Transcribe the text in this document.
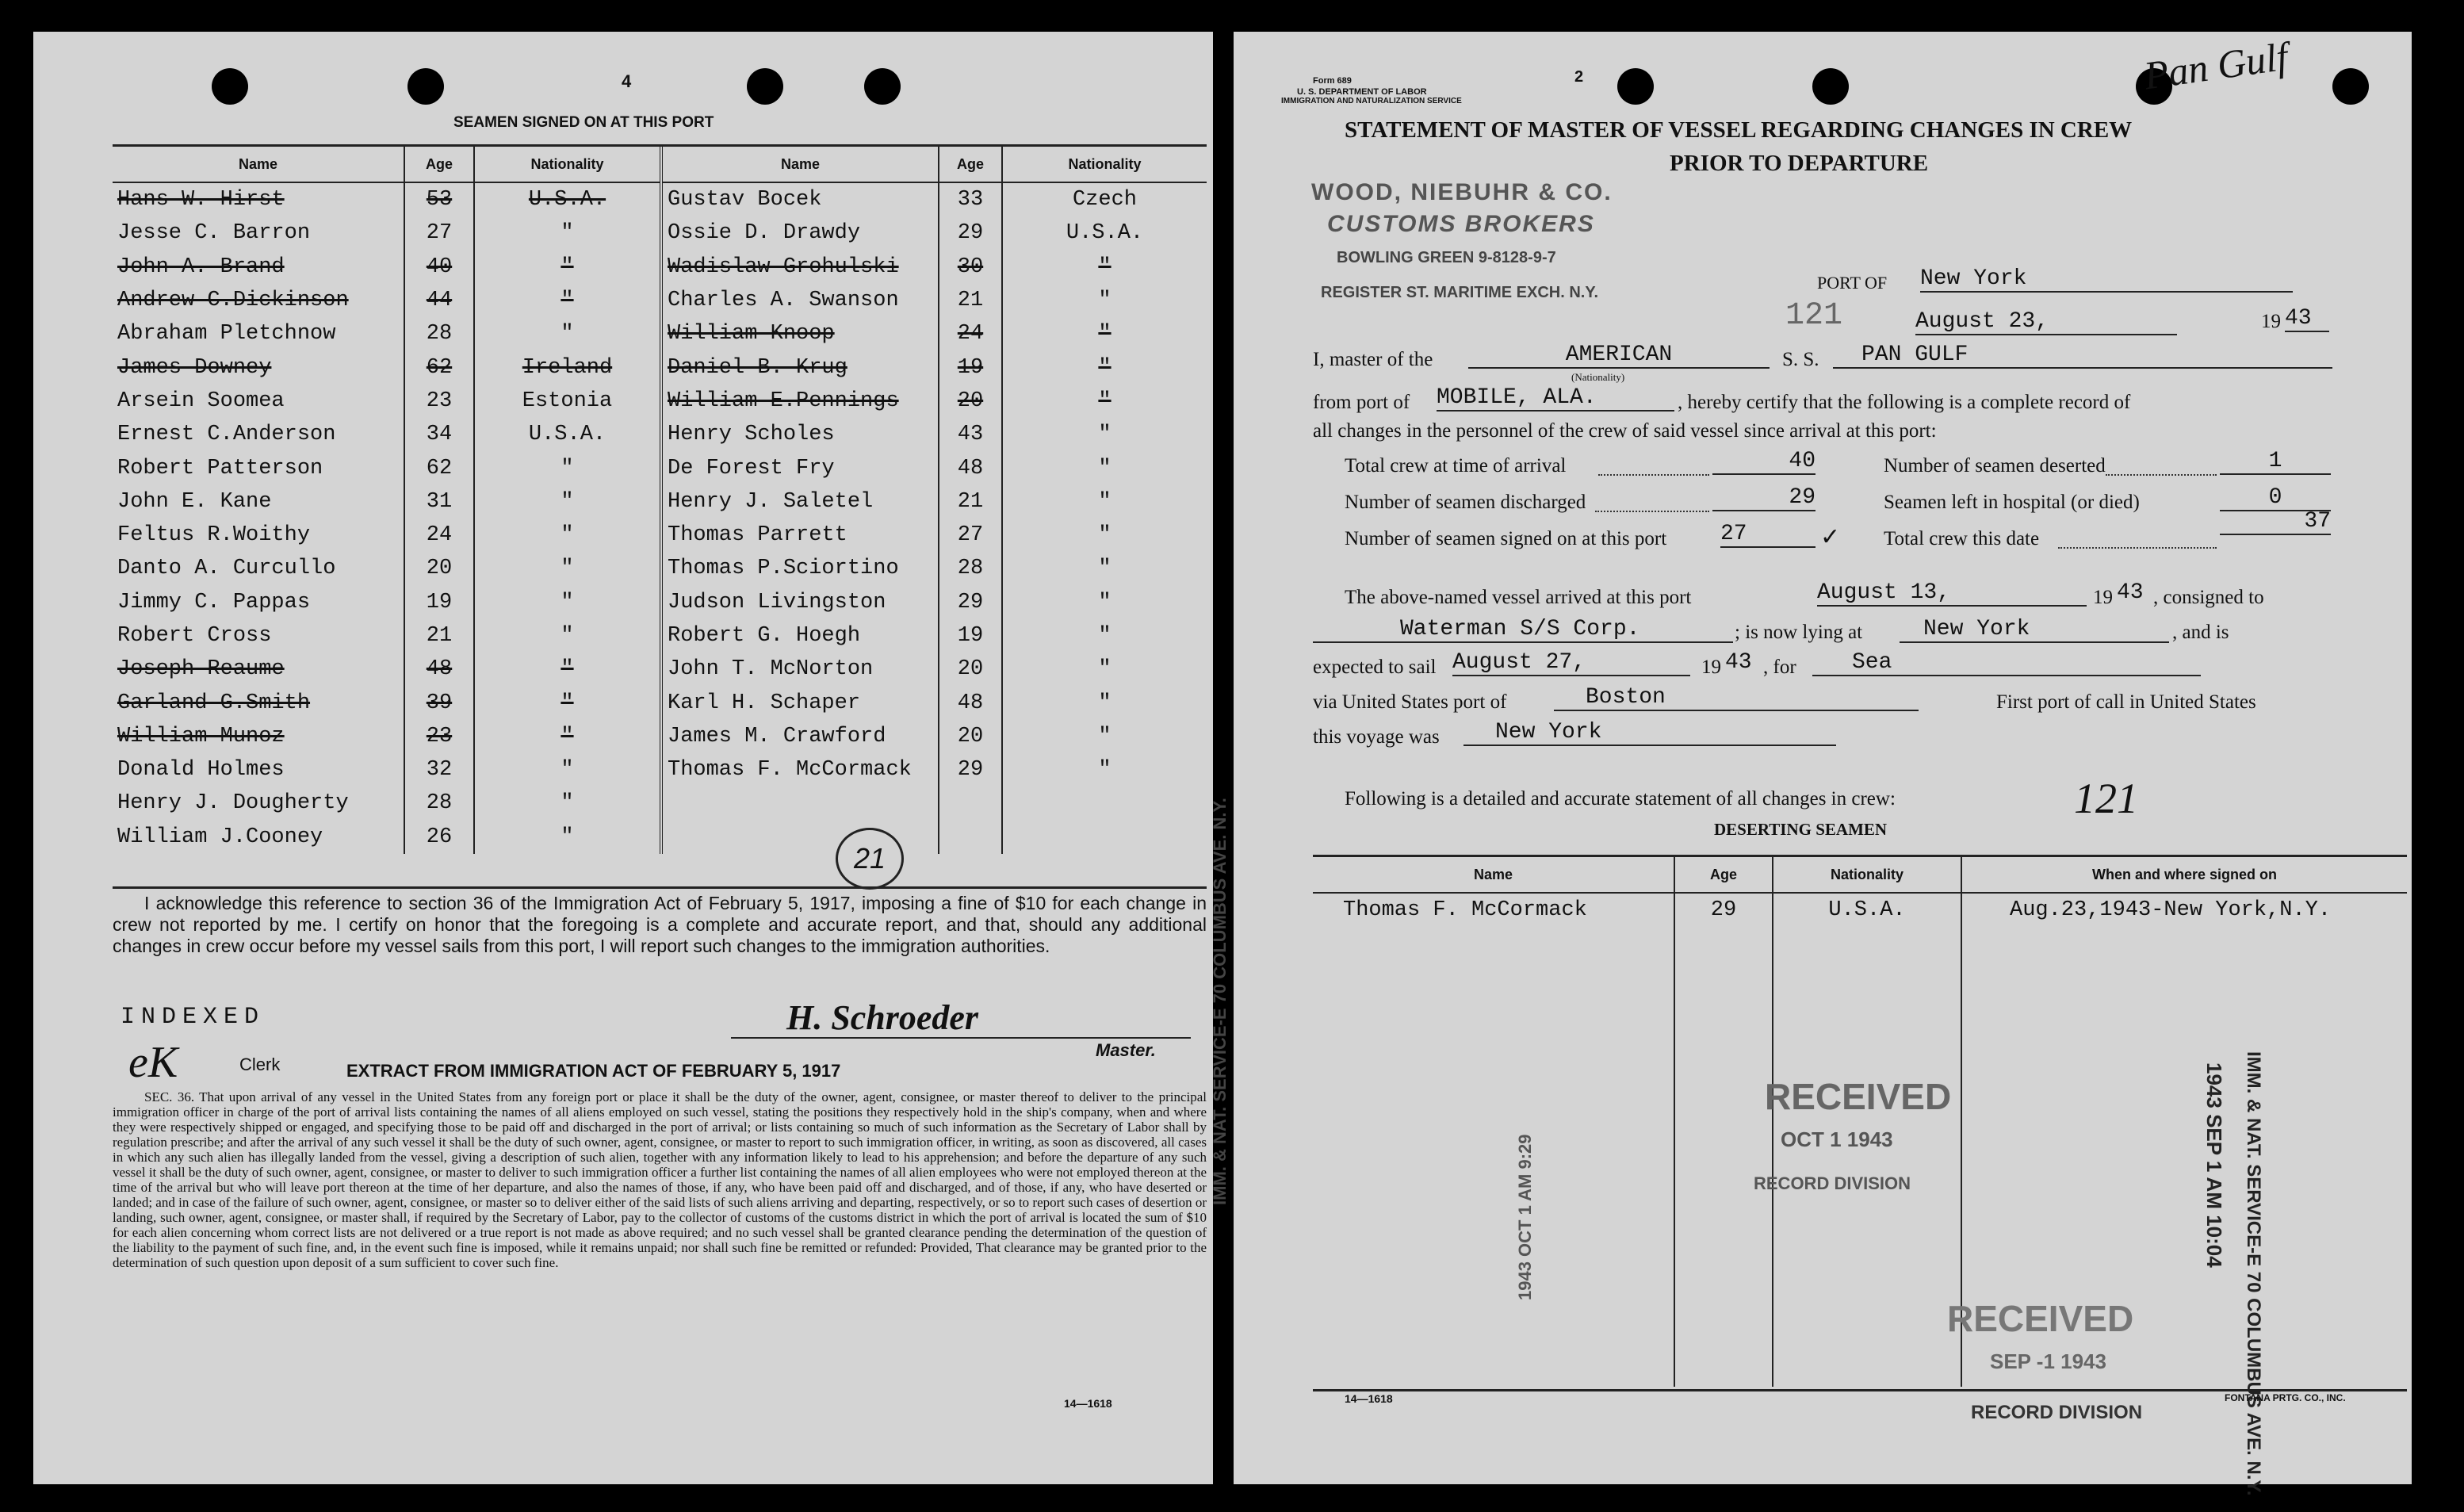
4
SEAMEN SIGNED ON AT THIS PORT
Name	Age	Nationality	Name	Age	Nationality
Hans W. Hirst	53	U.S.A.	Gustav Bocek	33	Czech
Jesse C. Barron	27	"	Ossie D. Drawdy	29	U.S.A.
John A. Brand	40	"	Wadislaw Grohulski	30	"
Andrew C.Dickinson	44	"	Charles A. Swanson	21	"
Abraham Pletchnow	28	"	William Knoop	24	"
James Downey	62	Ireland	Daniel B. Krug	19	"
Arsein Soomea	23	Estonia	William E.Pennings	20	"
Ernest C.Anderson	34	U.S.A.	Henry Scholes	43	"
Robert Patterson	62	"	De Forest Fry	48	"
John E. Kane	31	"	Henry J. Saletel	21	"
Feltus R.Woithy	24	"	Thomas Parrett	27	"
Danto A. Curcullo	20	"	Thomas P.Sciortino	28	"
Jimmy C. Pappas	19	"	Judson Livingston	29	"
Robert Cross	21	"	Robert G. Hoegh	19	"
Joseph Reaume	48	"	John T. McNorton	20	"
Garland G.Smith	39	"	Karl H. Schaper	48	"
William Munoz	23	"	James M. Crawford	20	"
Donald Holmes	32	"	Thomas F. McCormack	29	"
Henry J. Dougherty	28	"			
William J.Cooney	26	"			
21
I acknowledge this reference to section 36 of the Immigration Act of February 5, 1917, imposing a fine of $10 for each change in crew not reported by me. I certify on honor that the foregoing is a complete and accurate report, and that, should any additional changes in crew occur before my vessel sails from this port, I will report such changes to the immigration authorities.
INDEXED
eK	Clerk
H. Schroeder
Master.
EXTRACT FROM IMMIGRATION ACT OF FEBRUARY 5, 1917
SEC. 36. That upon arrival of any vessel in the United States from any foreign port or place it shall be the duty of the owner, agent, consignee, or master thereof to deliver to the principal immigration officer in charge of the port of arrival lists containing the names of all aliens employed on such vessel, stating the positions they respectively hold in the ship's company, when and where they were respectively shipped or engaged, and specifying those to be paid off and discharged in the port of arrival; or lists containing so much of such information as the Secretary of Labor shall by regulation prescribe; and after the arrival of any such vessel it shall be the duty of such owner, agent, consignee, or master to report to such immigration officer, in writing, as soon as discovered, all cases in which any such alien has illegally landed from the vessel, giving a description of such alien, together with any information likely to lead to his apprehension; and before the departure of any such vessel it shall be the duty of such owner, agent, consignee, or master to deliver to such immigration officer a further list containing the names of all alien employees who were not employed thereon at the time of the arrival but who will leave port thereon at the time of her departure, and also the names of those, if any, who have been paid off and discharged, and of those, if any, who have deserted or landed; and in case of the failure of such owner, agent, consignee, or master so to deliver either of the said lists of such aliens arriving and departing, respectively, or so to report such cases of desertion or landing, such owner, agent, consignee, or master shall, if required by the Secretary of Labor, pay to the collector of customs of the customs district in which the port of arrival is located the sum of $10 for each alien concerning whom correct lists are not delivered or a true report is not made as above required; and no such vessel shall be granted clearance pending the determination of the question of the liability to the payment of such fine, and, in the event such fine is imposed, while it remains unpaid; nor shall such fine be remitted or refunded: Provided, That clearance may be granted prior to the determination of such question upon deposit of a sum sufficient to cover such fine.
14—1618
Form 689
U. S. DEPARTMENT OF LABOR
IMMIGRATION AND NATURALIZATION SERVICE
2	Pan Gulf
STATEMENT OF MASTER OF VESSEL REGARDING CHANGES IN CREW
PRIOR TO DEPARTURE
WOOD, NIEBUHR & CO.
CUSTOMS BROKERS
BOWLING GREEN 9-8128-9-7
REGISTER ST. MARITIME EXCH. N.Y.
121
PORT OF New York
August 23,	19 43
I, master of the	AMERICAN
(Nationality)
S. S.	PAN GULF
from port of MOBILE, ALA.	, hereby certify that the following is a complete record of
all changes in the personnel of the crew of said vessel since arrival at this port:
Total crew at time of arrival	40
Number of seamen discharged	29
Number of seamen signed on at this port 27	✓
Number of seamen deserted	1
Seamen left in hospital (or died)	0
Total crew this date
37
The above-named vessel arrived at this port	August 13,	19 43 , consigned to
Waterman S/S Corp.	; is now lying at	New York	, and is
expected to sail August 27,	19 43 , for	Sea
via United States port of	Boston	First port of call in United States
this voyage was	New York
Following is a detailed and accurate statement of all changes in crew:	121
DESERTING SEAMEN
Name	Age	Nationality	When and where signed on
Thomas F. McCormack	29	U.S.A.	Aug.23,1943-New York,N.Y.

IMM. & NAT. SERVICE-E 70 COLUMBUS AVE. N.Y.
1943 OCT 1 AM 9:29
RECEIVED
OCT 1 1943
RECORD DIVISION	IMM. & NAT. SERVICE-E 70 COLUMBUS AVE. N.Y.
1943 SEP 1 AM 10:04
RECEIVED
SEP -1 1943
RECORD DIVISION
14—1618	FONTANA PRTG. CO., INC.
